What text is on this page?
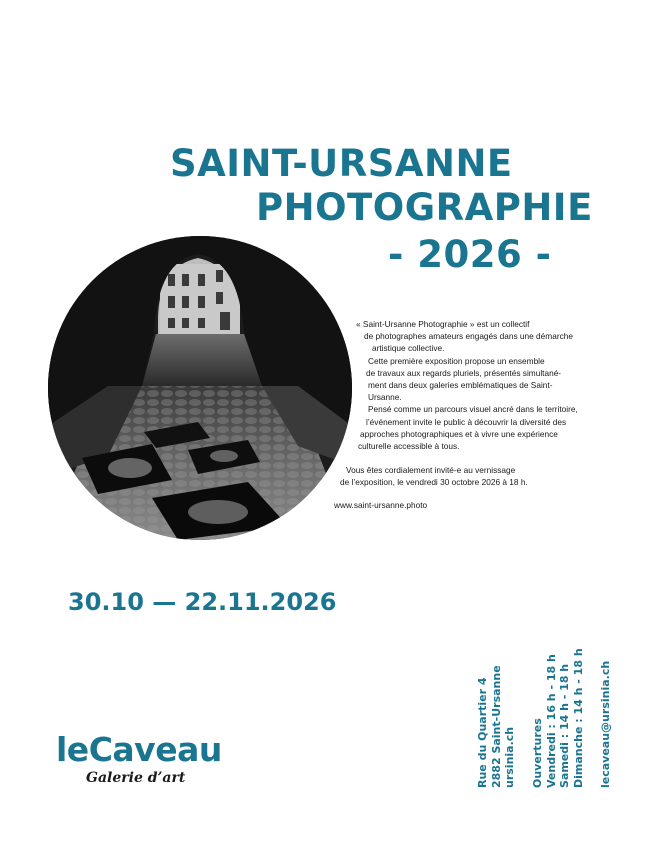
SAINT-URSANNE
PHOTOGRAPHIE
- 2026 -
« Saint-Ursanne Photographie » est un collectif
de photographes amateurs engagés dans une démarche
artistique collective.
Cette première exposition propose un ensemble
de travaux aux regards pluriels, présentés simultané-
ment dans deux galeries emblématiques de Saint-
Ursanne.
Pensé comme un parcours visuel ancré dans le territoire,
l’événement invite le public à découvrir la diversité des
approches photographiques et à vivre une expérience
culturelle accessible à tous.
Vous êtes cordialement invité-e au vernissage
de l’exposition, le vendredi 30 octobre 2026 à 18 h.
www.saint-ursanne.photo
30.10 — 22.11.2026
leCaveau
Galerie d’art	Rue du Quartier 4 2882 Saint-Ursanne ursinia.ch Ouvertures Vendredi : 16 h - 18 h Samedi : 14 h - 18 h Dimanche : 14 h - 18 h lecaveau@ursinia.ch
